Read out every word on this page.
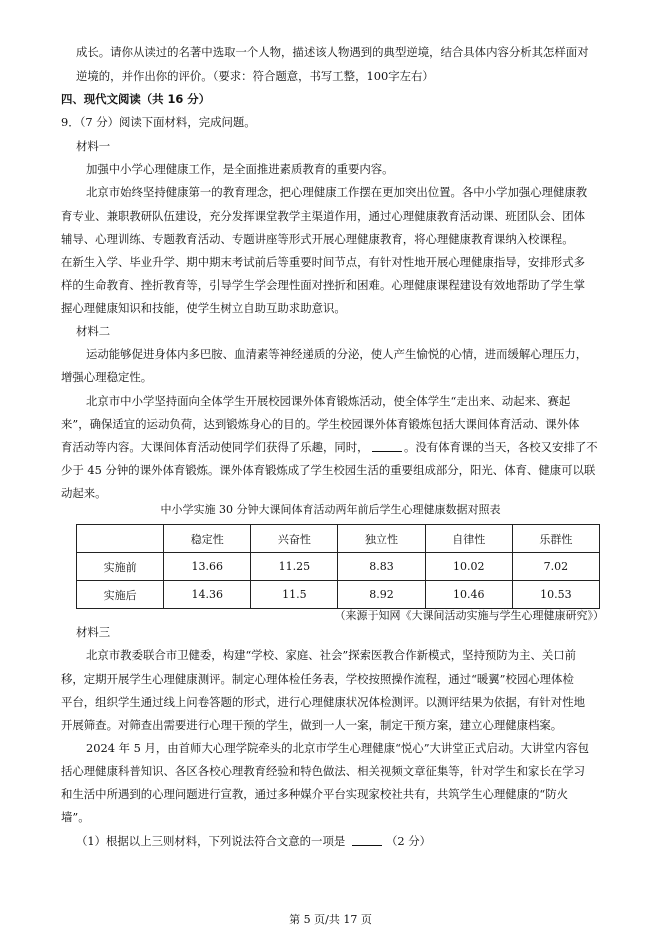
成长。请你从读过的名著中选取一个人物，描述该人物遇到的典型逆境，结合具体内容分析其怎样面对
逆境的，并作出你的评价。（要求：符合题意，书写工整，100字左右）
四、现代文阅读（共 16 分）
9．（7 分）阅读下面材料，完成问题。
材料一
加强中小学心理健康工作，是全面推进素质教育的重要内容。
北京市始终坚持健康第一的教育理念，把心理健康工作摆在更加突出位置。各中小学加强心理健康教
育专业、兼职教研队伍建设，充分发挥课堂教学主渠道作用，通过心理健康教育活动课、班团队会、团体
辅导、心理训练、专题教育活动、专题讲座等形式开展心理健康教育，将心理健康教育课纳入校课程。
在新生入学、毕业升学、期中期末考试前后等重要时间节点，有针对性地开展心理健康指导，安排形式多
样的生命教育、挫折教育等，引导学生学会理性面对挫折和困难。心理健康课程建设有效地帮助了学生掌
握心理健康知识和技能，使学生树立自助互助求助意识。
材料二
运动能够促进身体内多巴胺、血清素等神经递质的分泌，使人产生愉悦的心情，进而缓解心理压力，
增强心理稳定性。
北京市中小学坚持面向全体学生开展校园课外体育锻炼活动，使全体学生“走出来、动起来、赛起
来”，确保适宜的运动负荷，达到锻炼身心的目的。学生校园课外体育锻炼包括大课间体育活动、课外体
育活动等内容。大课间体育活动使同学们获得了乐趣，同时，	。没有体育课的当天，各校又安排了不
少于 45 分钟的课外体育锻炼。课外体育锻炼成了学生校园生活的重要组成部分，阳光、体育、健康可以联
动起来。
材料三
北京市教委联合市卫健委，构建“学校、家庭、社会”探索医教合作新模式，坚持预防为主、关口前
移，定期开展学生心理健康测评。制定心理体检任务表，学校按照操作流程，通过“暖翼”校园心理体检
平台，组织学生通过线上问卷答题的形式，进行心理健康状况体检测评。以测评结果为依据，有针对性地
开展筛查。对筛查出需要进行心理干预的学生，做到一人一案，制定干预方案，建立心理健康档案。
2024 年 5 月，由首师大心理学院牵头的北京市学生心理健康“悦心”大讲堂正式启动。大讲堂内容包
括心理健康科普知识、各区各校心理教育经验和特色做法、相关视频文章征集等，针对学生和家长在学习
和生活中所遇到的心理问题进行宣教，通过多种媒介平台实现家校社共有，共筑学生心理健康的“防火
墙”。
（1）根据以上三则材料，下列说法符合文意的一项是	（2 分）
中小学实施 30 分钟大课间体育活动两年前后学生心理健康数据对照表
	稳定性	兴奋性	独立性	自律性	乐群性
实施前	13.66	11.25	8.83	10.02	7.02
实施后	14.36	11.5	8.92	10.46	10.53
（来源于知网《大课间活动实施与学生心理健康研究》）
第 5 页/共 17 页
